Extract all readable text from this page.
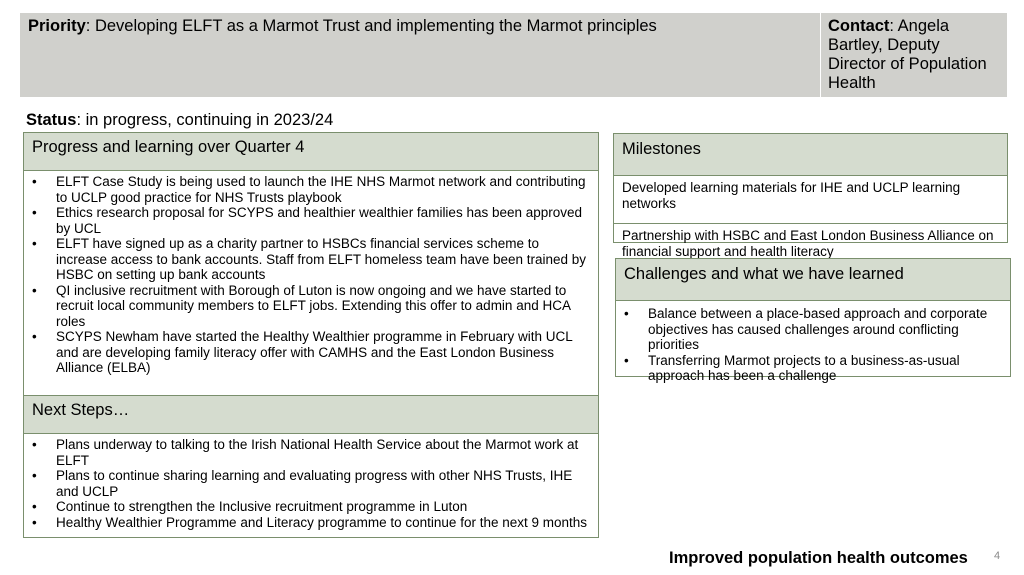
Priority: Developing ELFT as a Marmot Trust and implementing the Marmot principles	Contact: Angela Bartley, Deputy Director of Population Health
Status: in progress, continuing in 2023/24
Progress and learning over Quarter 4
• ELFT Case Study is being used to launch the IHE NHS Marmot network and contributing to UCLP good practice for NHS Trusts playbook
• Ethics research proposal for SCYPS and healthier wealthier families has been approved by UCL
• ELFT have signed up as a charity partner to HSBCs financial services scheme to increase access to bank accounts. Staff from ELFT homeless team have been trained by HSBC on setting up bank accounts
• QI inclusive recruitment with Borough of Luton is now ongoing and we have started to recruit local community members to ELFT jobs. Extending this offer to admin and HCA roles
• SCYPS Newham have started the Healthy Wealthier programme in February with UCL and are developing family literacy offer with CAMHS and the East London Business Alliance (ELBA)
Next Steps…
• Plans underway to talking to the Irish National Health Service about the Marmot work at ELFT
• Plans to continue sharing learning and evaluating progress with other NHS Trusts, IHE and UCLP
• Continue to strengthen the Inclusive recruitment programme in Luton
• Healthy Wealthier Programme and Literacy programme to continue for the next 9 months
Milestones
Developed learning materials for IHE and UCLP learning networks
Partnership with HSBC and East London Business Alliance on financial support and health literacy
Challenges and what we have learned
• Balance between a place-based approach and corporate objectives has caused challenges around conflicting priorities
• Transferring Marmot projects to a business-as-usual approach has been a challenge
Improved population health outcomes 4
